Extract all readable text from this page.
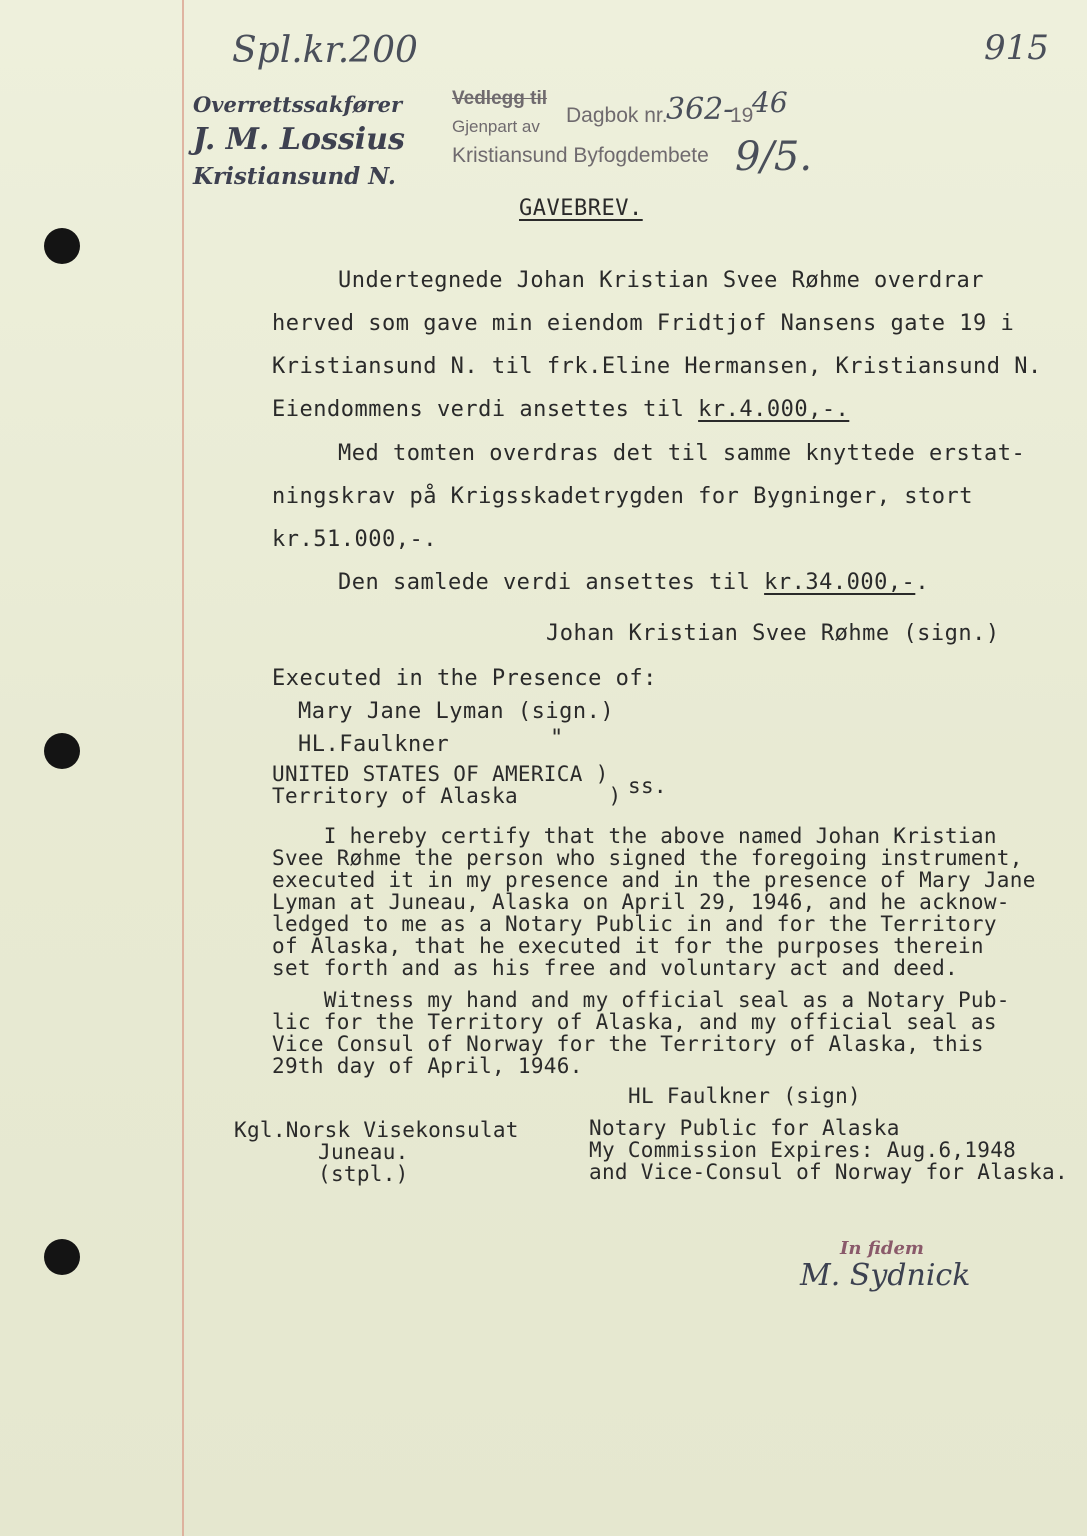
Spl.kr.200	915
Overrettssakfører
J. M. Lossius
Kristiansund N.
Vedlegg til
Dagbok nr.
362-
19
46
Gjenpart av
Kristiansund Byfogdembete 9/5.
GAVEBREV.
Undertegnede Johan Kristian Svee Røhme overdrar
herved som gave min eiendom Fridtjof Nansens gate 19 i
Kristiansund N. til frk.Eline Hermansen, Kristiansund N.
Eiendommens verdi ansettes til kr.4.000,-.
Med tomten overdras det til samme knyttede erstat-
ningskrav på Krigsskadetrygden for Bygninger, stort
kr.51.000,-.
Den samlede verdi ansettes til kr.34.000,-.
Johan Kristian Svee Røhme (sign.)
Executed in the Presence of:
Mary Jane Lyman (sign.)
HL.Faulkner	"
UNITED STATES OF AMERICA )
Territory of Alaska       ) ss.
I hereby certify that the above named Johan Kristian
Svee Røhme the person who signed the foregoing instrument,
executed it in my presence and in the presence of Mary Jane
Lyman at Juneau, Alaska on April 29, 1946, and he acknow-
ledged to me as a Notary Public in and for the Territory
of Alaska, that he executed it for the purposes therein
set forth and as his free and voluntary act and deed.
Witness my hand and my official seal as a Notary Pub-
lic for the Territory of Alaska, and my official seal as
Vice Consul of Norway for the Territory of Alaska, this
29th day of April, 1946.
HL Faulkner (sign)
Kgl.Norsk Visekonsulat
Juneau.
(stpl.)
Notary Public for Alaska
My Commission Expires: Aug.6,1948
and Vice-Consul of Norway for Alaska.
In fidem
M. Sydnick
